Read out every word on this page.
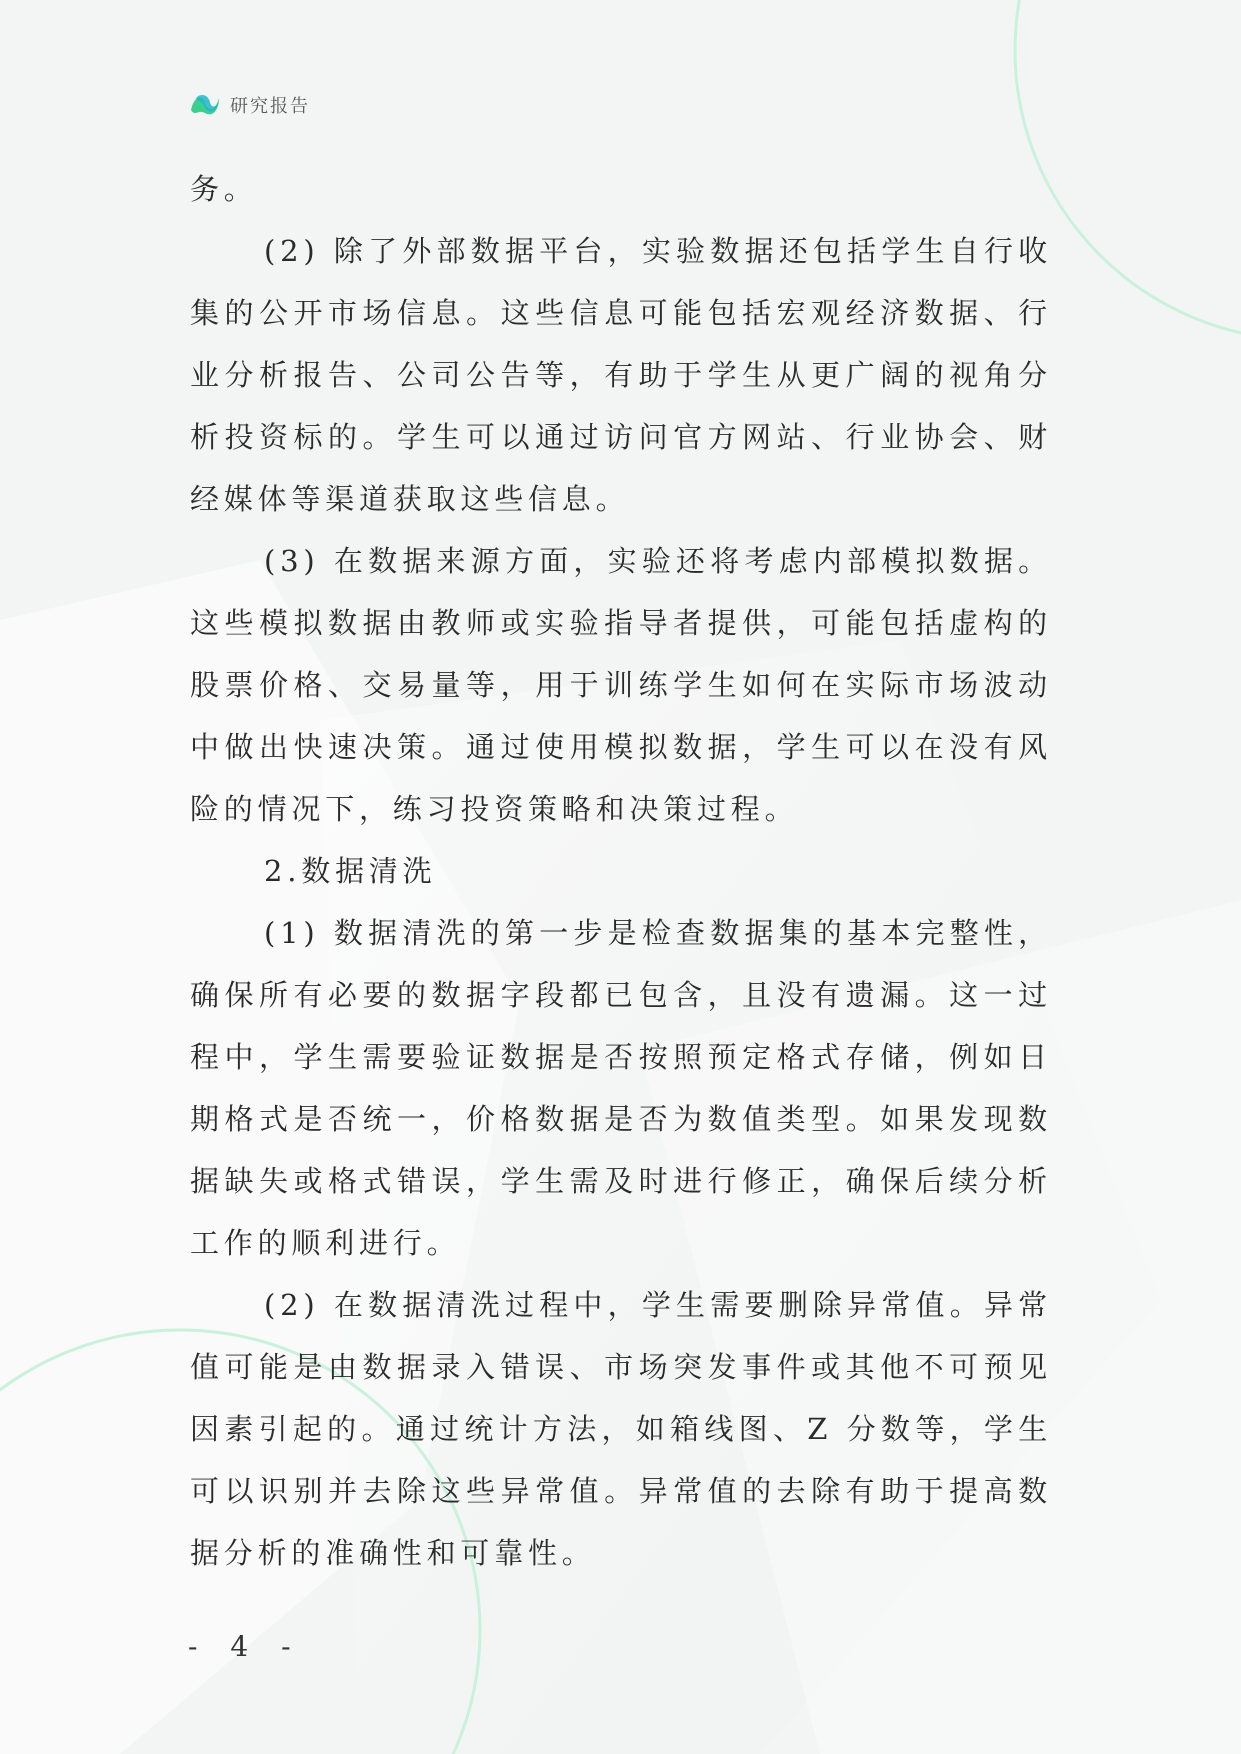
研究报告

务。

(2) 除了外部数据平台，实验数据还包括学生自行收集的公开市场信息。这些信息可能包括宏观经济数据、行业分析报告、公司公告等，有助于学生从更广阔的视角分析投资标的。学生可以通过访问官方网站、行业协会、财经媒体等渠道获取这些信息。

(3) 在数据来源方面，实验还将考虑内部模拟数据。这些模拟数据由教师或实验指导者提供，可能包括虚构的股票价格、交易量等，用于训练学生如何在实际市场波动中做出快速决策。通过使用模拟数据，学生可以在没有风险的情况下，练习投资策略和决策过程。

2.数据清洗

(1) 数据清洗的第一步是检查数据集的基本完整性，确保所有必要的数据字段都已包含，且没有遗漏。这一过程中，学生需要验证数据是否按照预定格式存储，例如日期格式是否统一，价格数据是否为数值类型。如果发现数据缺失或格式错误，学生需及时进行修正，确保后续分析工作的顺利进行。

(2) 在数据清洗过程中，学生需要删除异常值。异常值可能是由数据录入错误、市场突发事件或其他不可预见因素引起的。通过统计方法，如箱线图、Z 分数等，学生可以识别并去除这些异常值。异常值的去除有助于提高数据分析的准确性和可靠性。

- 4 -
